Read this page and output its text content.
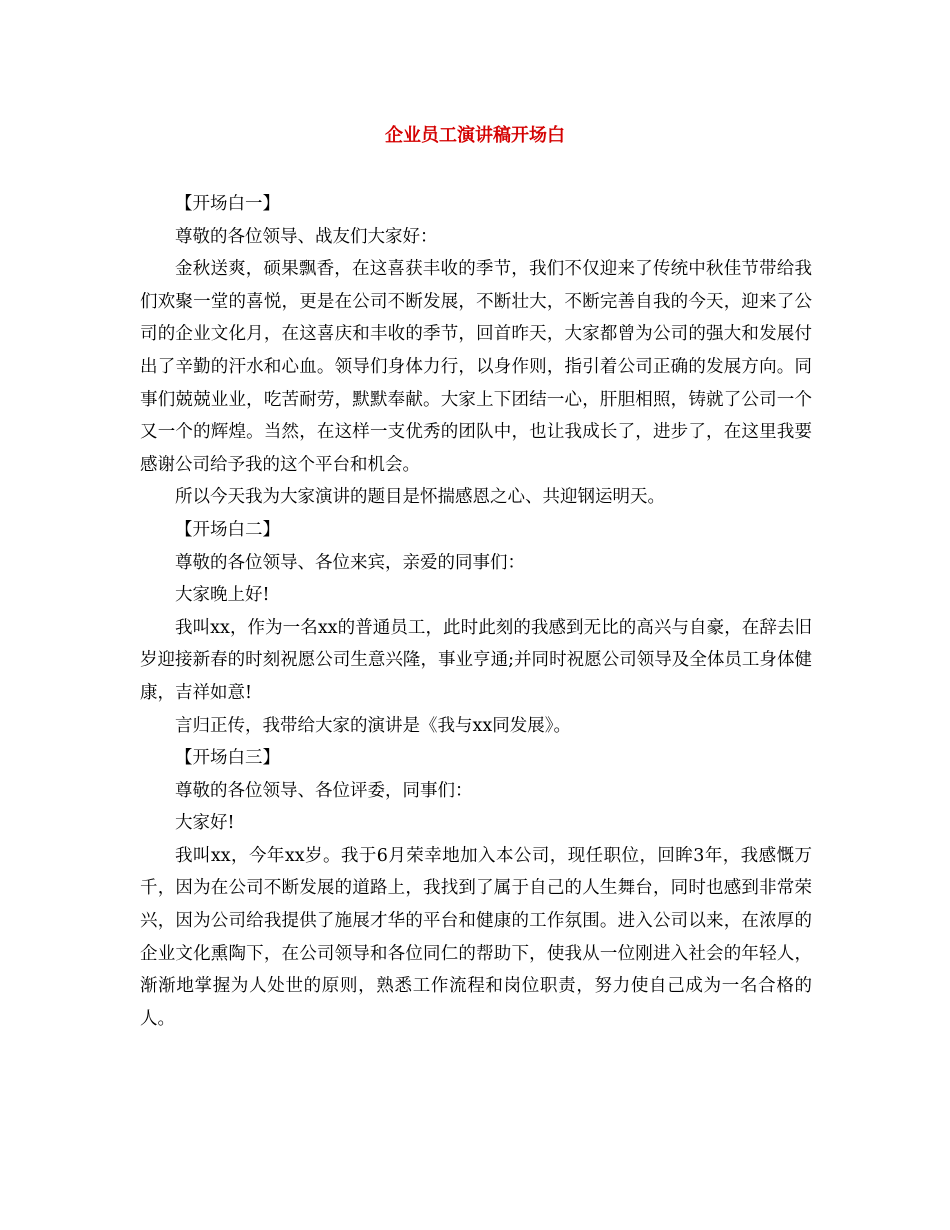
企业员工演讲稿开场白

【开场白一】

尊敬的各位领导、战友们大家好：

金秋送爽，硕果飘香，在这喜获丰收的季节，我们不仅迎来了传统中秋佳节带给我们欢聚一堂的喜悦，更是在公司不断发展，不断壮大，不断完善自我的今天，迎来了公司的企业文化月，在这喜庆和丰收的季节，回首昨天，大家都曾为公司的强大和发展付出了辛勤的汗水和心血。领导们身体力行，以身作则，指引着公司正确的发展方向。同事们兢兢业业，吃苦耐劳，默默奉献。大家上下团结一心，肝胆相照，铸就了公司一个又一个的辉煌。当然，在这样一支优秀的团队中，也让我成长了，进步了，在这里我要感谢公司给予我的这个平台和机会。

所以今天我为大家演讲的题目是怀揣感恩之心、共迎钢运明天。

【开场白二】

尊敬的各位领导、各位来宾，亲爱的同事们：

大家晚上好!

我叫xx，作为一名xx的普通员工，此时此刻的我感到无比的高兴与自豪，在辞去旧岁迎接新春的时刻祝愿公司生意兴隆，事业亨通;并同时祝愿公司领导及全体员工身体健康，吉祥如意!

言归正传，我带给大家的演讲是《我与xx同发展》。

【开场白三】

尊敬的各位领导、各位评委，同事们：

大家好!

我叫xx，今年xx岁。我于6月荣幸地加入本公司，现任职位，回眸3年，我感慨万千，因为在公司不断发展的道路上，我找到了属于自己的人生舞台，同时也感到非常荣兴，因为公司给我提供了施展才华的平台和健康的工作氛围。进入公司以来，在浓厚的企业文化熏陶下，在公司领导和各位同仁的帮助下，使我从一位刚进入社会的年轻人，渐渐地掌握为人处世的原则，熟悉工作流程和岗位职责，努力使自己成为一名合格的人。
